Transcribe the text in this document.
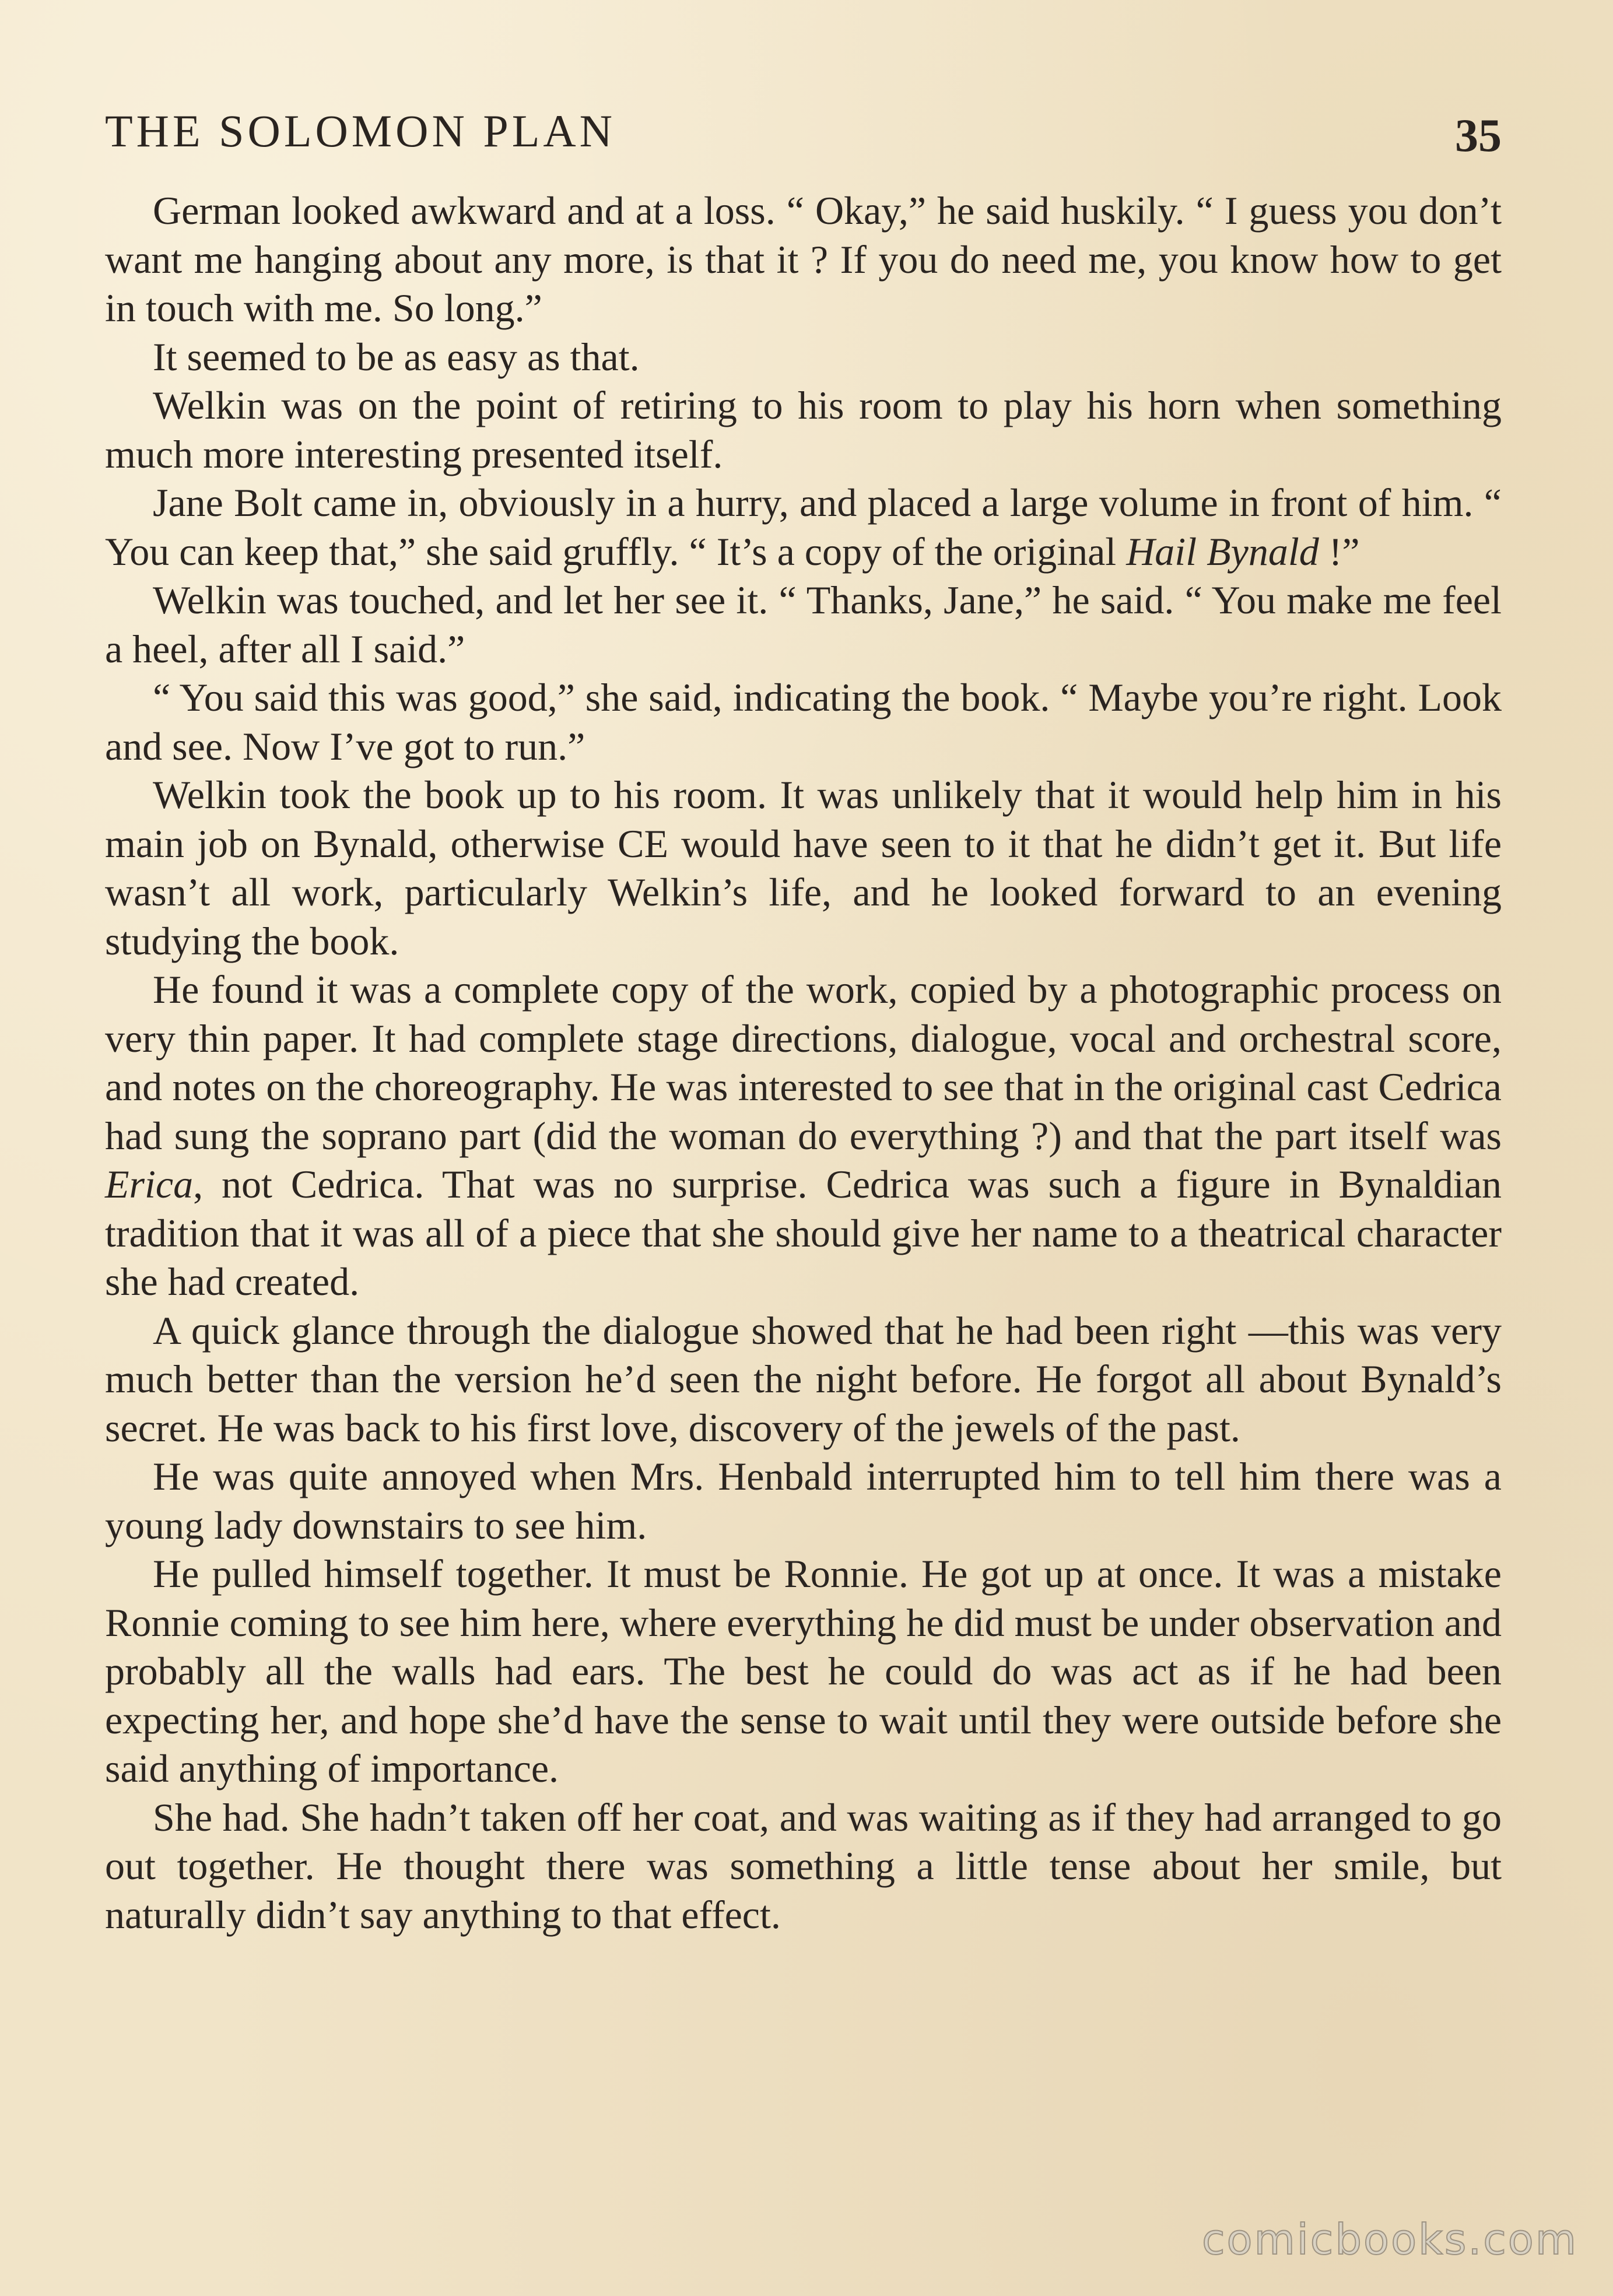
THE SOLOMON PLAN	35

German looked awkward and at a loss. “ Okay,” he said huskily. “ I guess you don’t want me hanging about any more, is that it ? If you do need me, you know how to get in touch with me. So long.”

It seemed to be as easy as that.

Welkin was on the point of retiring to his room to play his horn when something much more interesting presented itself.

Jane Bolt came in, obviously in a hurry, and placed a large volume in front of him. “ You can keep that,” she said gruffly. “ It’s a copy of the original Hail Bynald !”

Welkin was touched, and let her see it. “ Thanks, Jane,” he said. “ You make me feel a heel, after all I said.”

“ You said this was good,” she said, indicating the book. “ Maybe you’re right. Look and see. Now I’ve got to run.”

Welkin took the book up to his room. It was unlikely that it would help him in his main job on Bynald, otherwise CE would have seen to it that he didn’t get it. But life wasn’t all work, particularly Welkin’s life, and he looked forward to an evening studying the book.

He found it was a complete copy of the work, copied by a photographic process on very thin paper. It had complete stage directions, dialogue, vocal and orchestral score, and notes on the choreography. He was interested to see that in the original cast Cedrica had sung the soprano part (did the woman do everything ?) and that the part itself was Erica, not Cedrica. That was no surprise. Cedrica was such a figure in Bynaldian tradition that it was all of a piece that she should give her name to a theatrical character she had created.

A quick glance through the dialogue showed that he had been right —this was very much better than the version he’d seen the night before. He forgot all about Bynald’s secret. He was back to his first love, discovery of the jewels of the past.

He was quite annoyed when Mrs. Henbald interrupted him to tell him there was a young lady downstairs to see him.

He pulled himself together. It must be Ronnie. He got up at once. It was a mistake Ronnie coming to see him here, where everything he did must be under observation and probably all the walls had ears. The best he could do was act as if he had been expecting her, and hope she’d have the sense to wait until they were outside before she said anything of importance.

She had. She hadn’t taken off her coat, and was waiting as if they had arranged to go out together. He thought there was something a little tense about her smile, but naturally didn’t say anything to that effect.

comicbooks.com
